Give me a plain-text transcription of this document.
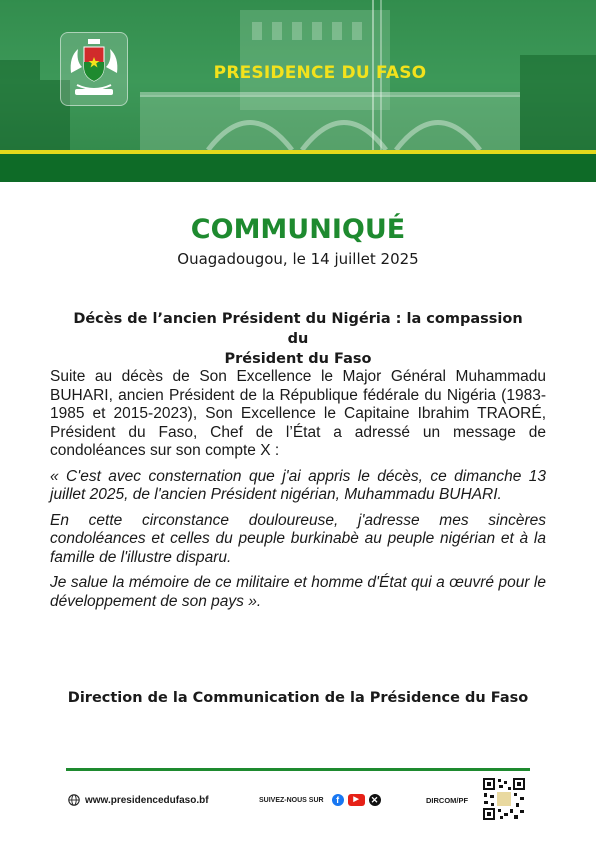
PRESIDENCE DU FASO
COMMUNIQUÉ
Ouagadougou, le 14 juillet 2025
Décès de l’ancien Président du Nigéria : la compassion du
Président du Faso

Suite au décès de Son Excellence le Major Général Muhammadu BUHARI, ancien Président de la République fédérale du Nigéria (1983-1985 et 2015-2023), Son Excellence le Capitaine Ibrahim TRAORÉ, Président du Faso, Chef de l’État a adressé un message de condoléances sur son compte X :

« C'est avec consternation que j'ai appris le décès, ce dimanche 13 juillet 2025, de l'ancien Président nigérian, Muhammadu BUHARI.

En cette circonstance douloureuse, j'adresse mes sincères condoléances et celles du peuple burkinabè au peuple nigérian et à la famille de l'illustre disparu.

Je salue la mémoire de ce militaire et homme d'État qui a œuvré pour le développement de son pays ».

Direction de la Communication de la Présidence du Faso
www.presidencedufaso.bf	SUIVEZ-NOUS SUR	f	▶	✕	DIRCOM/PF
